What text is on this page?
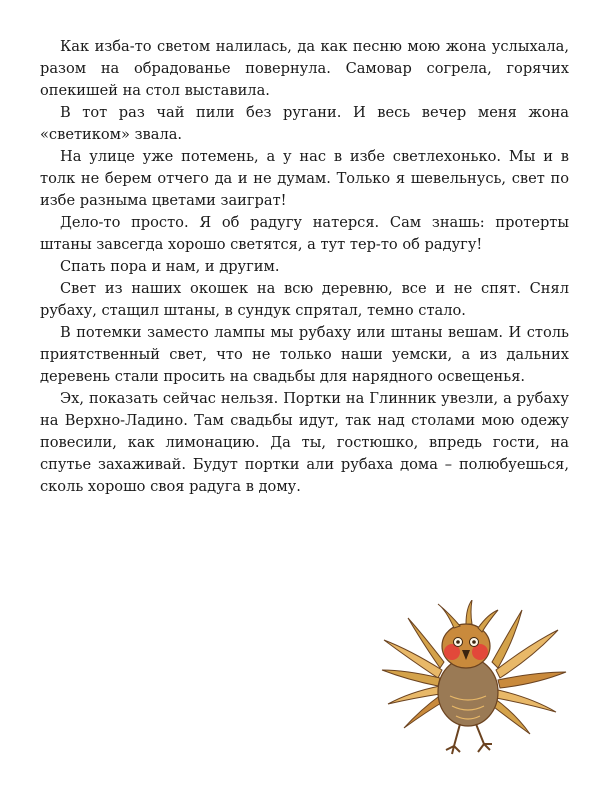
Как изба-то светом налилась, да как песню мою жона услыхала, разом на обрадованье повернула. Самовар согрела, горячих опекишей на стол выставила.

В тот раз чай пили без ругани. И весь вечер меня жона «светиком» звала.

На улице уже потемень, а у нас в избе светлехонько. Мы и в толк не берем отчего да и не думам. Только я шевельнусь, свет по избе разныма цветами заиграт!

Дело-то просто. Я об радугу натерся. Сам знашь: протерты штаны завсегда хорошо светятся, а тут тер-то об радугу!

Спать пора и нам, и другим.

Свет из наших окошек на всю деревню, все и не спят. Снял рубаху, стащил штаны, в сундук спрятал, темно стало.

В потемки заместо лампы мы рубаху или штаны вешам. И столь приятственный свет, что не только наши уемски, а из дальних деревень стали просить на свадьбы для нарядного освещенья.

Эх, показать сейчас нельзя. Портки на Глинник увезли, а рубаху на Верхно-Ладино. Там свадьбы идут, так над столами мою одежу повесили, как лимонацию. Да ты, гостюшко, впредь гости, на спутье захаживай. Будут портки али рубаха дома – полюбуешься, сколь хорошо своя радуга в дому.
